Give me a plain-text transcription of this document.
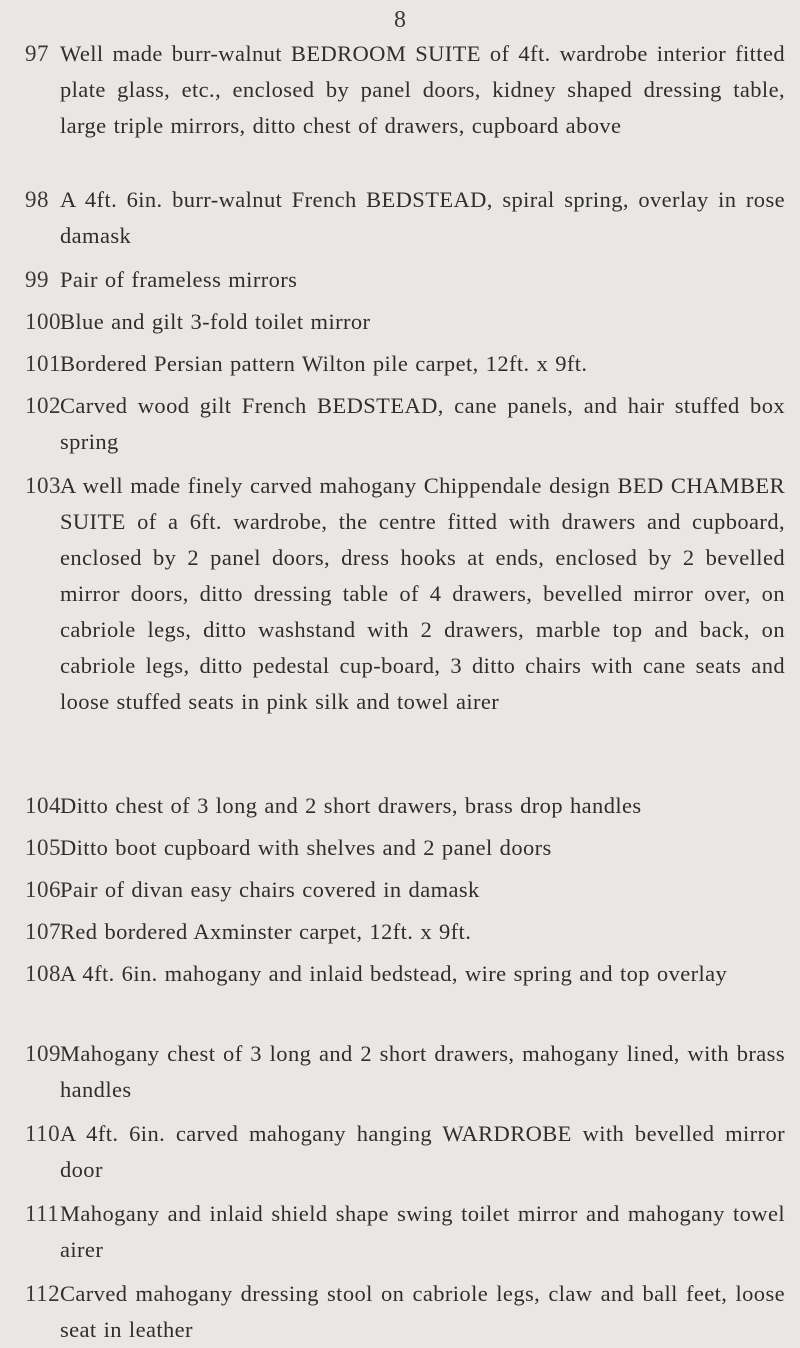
8
97 Well made burr-walnut BEDROOM SUITE of 4ft. wardrobe interior fitted plate glass, etc., enclosed by panel doors, kidney shaped dressing table, large triple mirrors, ditto chest of drawers, cupboard above
98 A 4ft. 6in. burr-walnut French BEDSTEAD, spiral spring, overlay in rose damask
99 Pair of frameless mirrors
100 Blue and gilt 3-fold toilet mirror
101 Bordered Persian pattern Wilton pile carpet, 12ft. x 9ft.
102 Carved wood gilt French BEDSTEAD, cane panels, and hair stuffed box spring
103 A well made finely carved mahogany Chippendale design BED CHAMBER SUITE of a 6ft. wardrobe, the centre fitted with drawers and cupboard, enclosed by 2 panel doors, dress hooks at ends, enclosed by 2 bevelled mirror doors, ditto dressing table of 4 drawers, bevelled mirror over, on cabriole legs, ditto washstand with 2 drawers, marble top and back, on cabriole legs, ditto pedestal cup-board, 3 ditto chairs with cane seats and loose stuffed seats in pink silk and towel airer
104 Ditto chest of 3 long and 2 short drawers, brass drop handles
105 Ditto boot cupboard with shelves and 2 panel doors
106 Pair of divan easy chairs covered in damask
107 Red bordered Axminster carpet, 12ft. x 9ft.
108 A 4ft. 6in. mahogany and inlaid bedstead, wire spring and top overlay
109 Mahogany chest of 3 long and 2 short drawers, mahogany lined, with brass handles
110 A 4ft. 6in. carved mahogany hanging WARDROBE with bevelled mirror door
111 Mahogany and inlaid shield shape swing toilet mirror and mahogany towel airer
112 Carved mahogany dressing stool on cabriole legs, claw and ball feet, loose seat in leather
